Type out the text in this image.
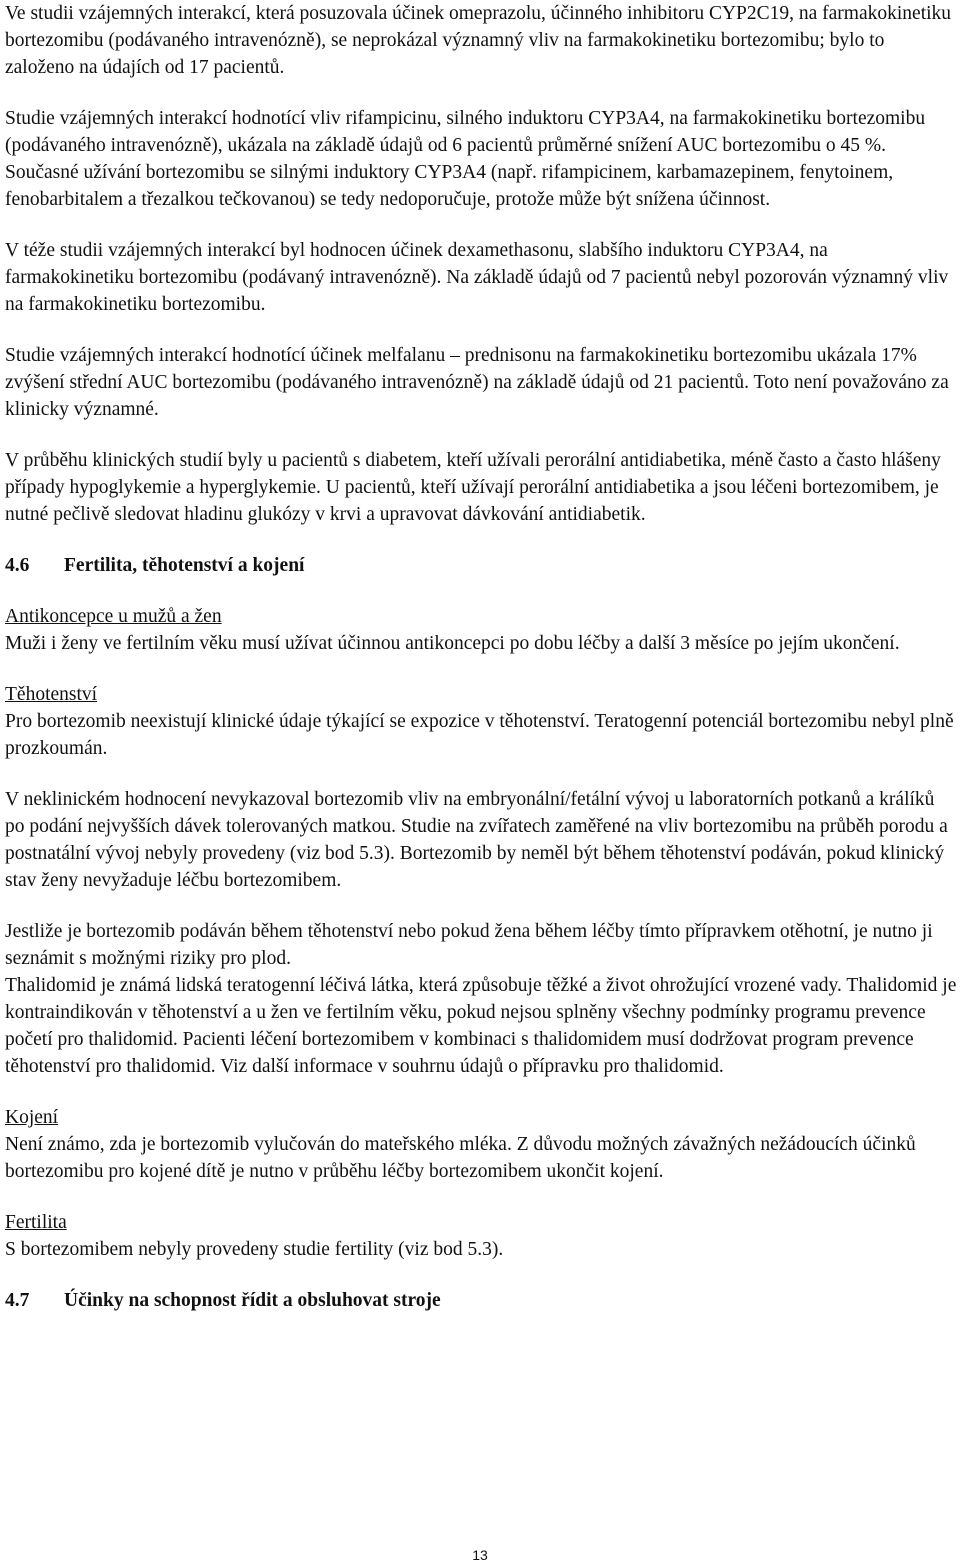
Ve studii vzájemných interakcí, která posuzovala účinek omeprazolu, účinného inhibitoru CYP2C19, na farmakokinetiku bortezomibu (podávaného intravenózně), se neprokázal významný vliv na farmakokinetiku bortezomibu; bylo to založeno na údajích od 17 pacientů.

Studie vzájemných interakcí hodnotící vliv rifampicinu, silného induktoru CYP3A4, na farmakokinetiku bortezomibu (podávaného intravenózně), ukázala na základě údajů od 6 pacientů průměrné snížení AUC bortezomibu o 45 %. Současné užívání bortezomibu se silnými induktory CYP3A4 (např. rifampicinem, karbamazepinem, fenytoinem, fenobarbitalem a třezalkou tečkovanou) se tedy nedoporučuje, protože může být snížena účinnost.

V téže studii vzájemných interakcí byl hodnocen účinek dexamethasonu, slabšího induktoru CYP3A4, na farmakokinetiku bortezomibu (podávaný intravenózně). Na základě údajů od 7 pacientů nebyl pozorován významný vliv na farmakokinetiku bortezomibu.

Studie vzájemných interakcí hodnotící účinek melfalanu – prednisonu na farmakokinetiku bortezomibu ukázala 17% zvýšení střední AUC bortezomibu (podávaného intravenózně) na základě údajů od 21 pacientů. Toto není považováno za klinicky významné.

V průběhu klinických studií byly u pacientů s diabetem, kteří užívali perorální antidiabetika, méně často a často hlášeny případy hypoglykemie a hyperglykemie. U pacientů, kteří užívají perorální antidiabetika a jsou léčeni bortezomibem, je nutné pečlivě sledovat hladinu glukózy v krvi a upravovat dávkování antidiabetik.

4.6 Fertilita, těhotenství a kojení

Antikoncepce u mužů a žen

Muži i ženy ve fertilním věku musí užívat účinnou antikoncepci po dobu léčby a další 3 měsíce po jejím ukončení.

Těhotenství

Pro bortezomib neexistují klinické údaje týkající se expozice v těhotenství. Teratogenní potenciál bortezomibu nebyl plně prozkoumán.

V neklinickém hodnocení nevykazoval bortezomib vliv na embryonální/fetální vývoj u laboratorních potkanů a králíků po podání nejvyšších dávek tolerovaných matkou. Studie na zvířatech zaměřené na vliv bortezomibu na průběh porodu a postnatální vývoj nebyly provedeny (viz bod 5.3). Bortezomib by neměl být během těhotenství podáván, pokud klinický stav ženy nevyžaduje léčbu bortezomibem.

Jestliže je bortezomib podáván během těhotenství nebo pokud žena během léčby tímto přípravkem otěhotní, je nutno ji seznámit s možnými riziky pro plod.

Thalidomid je známá lidská teratogenní léčivá látka, která způsobuje těžké a život ohrožující vrozené vady. Thalidomid je kontraindikován v těhotenství a u žen ve fertilním věku, pokud nejsou splněny všechny podmínky programu prevence početí pro thalidomid. Pacienti léčení bortezomibem v kombinaci s thalidomidem musí dodržovat program prevence těhotenství pro thalidomid. Viz další informace v souhrnu údajů o přípravku pro thalidomid.

Kojení

Není známo, zda je bortezomib vylučován do mateřského mléka. Z důvodu možných závažných nežádoucích účinků bortezomibu pro kojené dítě je nutno v průběhu léčby bortezomibem ukončit kojení.

Fertilita

S bortezomibem nebyly provedeny studie fertility (viz bod 5.3).

4.7 Účinky na schopnost řídit a obsluhovat stroje

13
